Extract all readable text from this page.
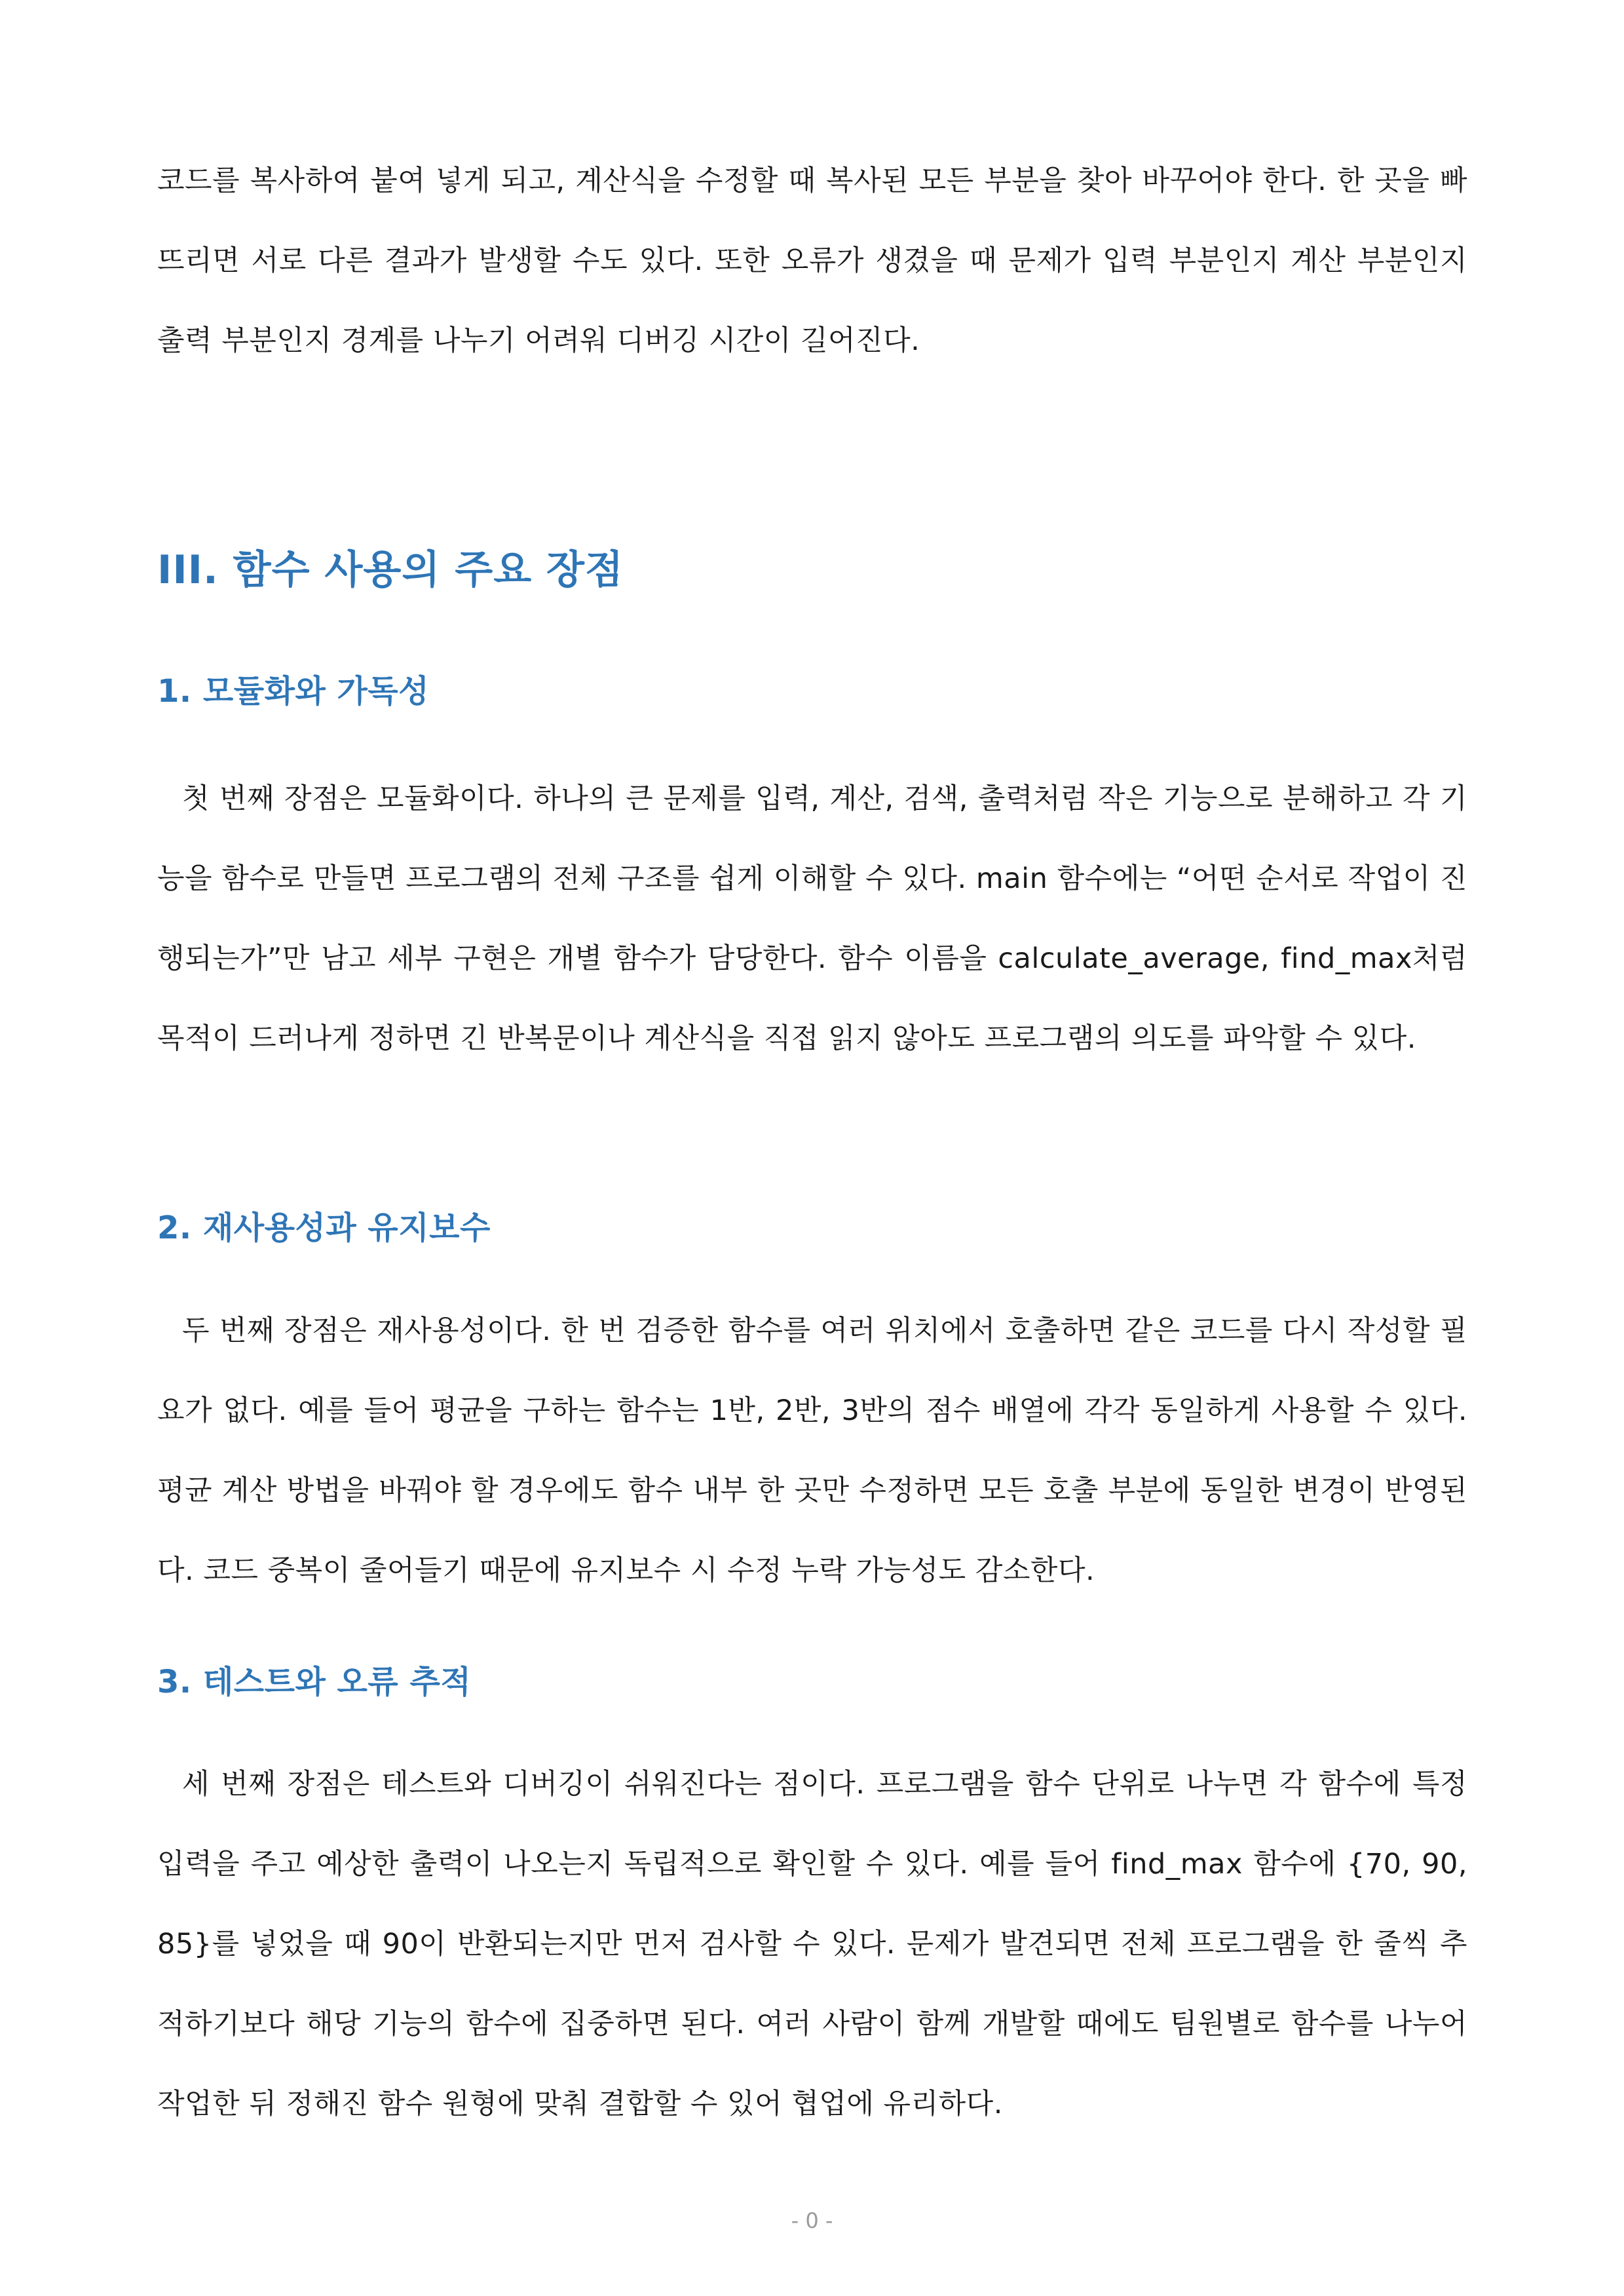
코드를 복사하여 붙여 넣게 되고, 계산식을 수정할 때 복사된 모든 부분을 찾아 바꾸어야 한다. 한 곳을 빠뜨리면 서로 다른 결과가 발생할 수도 있다. 또한 오류가 생겼을 때 문제가 입력 부분인지 계산 부분인지 출력 부분인지 경계를 나누기 어려워 디버깅 시간이 길어진다.

III. 함수 사용의 주요 장점
1. 모듈화와 가독성

첫 번째 장점은 모듈화이다. 하나의 큰 문제를 입력, 계산, 검색, 출력처럼 작은 기능으로 분해하고 각 기능을 함수로 만들면 프로그램의 전체 구조를 쉽게 이해할 수 있다. main 함수에는 “어떤 순서로 작업이 진행되는가”만 남고 세부 구현은 개별 함수가 담당한다. 함수 이름을 calculate_average, find_max처럼 목적이 드러나게 정하면 긴 반복문이나 계산식을 직접 읽지 않아도 프로그램의 의도를 파악할 수 있다.

2. 재사용성과 유지보수

두 번째 장점은 재사용성이다. 한 번 검증한 함수를 여러 위치에서 호출하면 같은 코드를 다시 작성할 필요가 없다. 예를 들어 평균을 구하는 함수는 1반, 2반, 3반의 점수 배열에 각각 동일하게 사용할 수 있다. 평균 계산 방법을 바꿔야 할 경우에도 함수 내부 한 곳만 수정하면 모든 호출 부분에 동일한 변경이 반영된다. 코드 중복이 줄어들기 때문에 유지보수 시 수정 누락 가능성도 감소한다.

3. 테스트와 오류 추적

세 번째 장점은 테스트와 디버깅이 쉬워진다는 점이다. 프로그램을 함수 단위로 나누면 각 함수에 특정 입력을 주고 예상한 출력이 나오는지 독립적으로 확인할 수 있다. 예를 들어 find_max 함수에 {70, 90, 85}를 넣었을 때 90이 반환되는지만 먼저 검사할 수 있다. 문제가 발견되면 전체 프로그램을 한 줄씩 추적하기보다 해당 기능의 함수에 집중하면 된다. 여러 사람이 함께 개발할 때에도 팀원별로 함수를 나누어 작업한 뒤 정해진 함수 원형에 맞춰 결합할 수 있어 협업에 유리하다.

- 0 -
